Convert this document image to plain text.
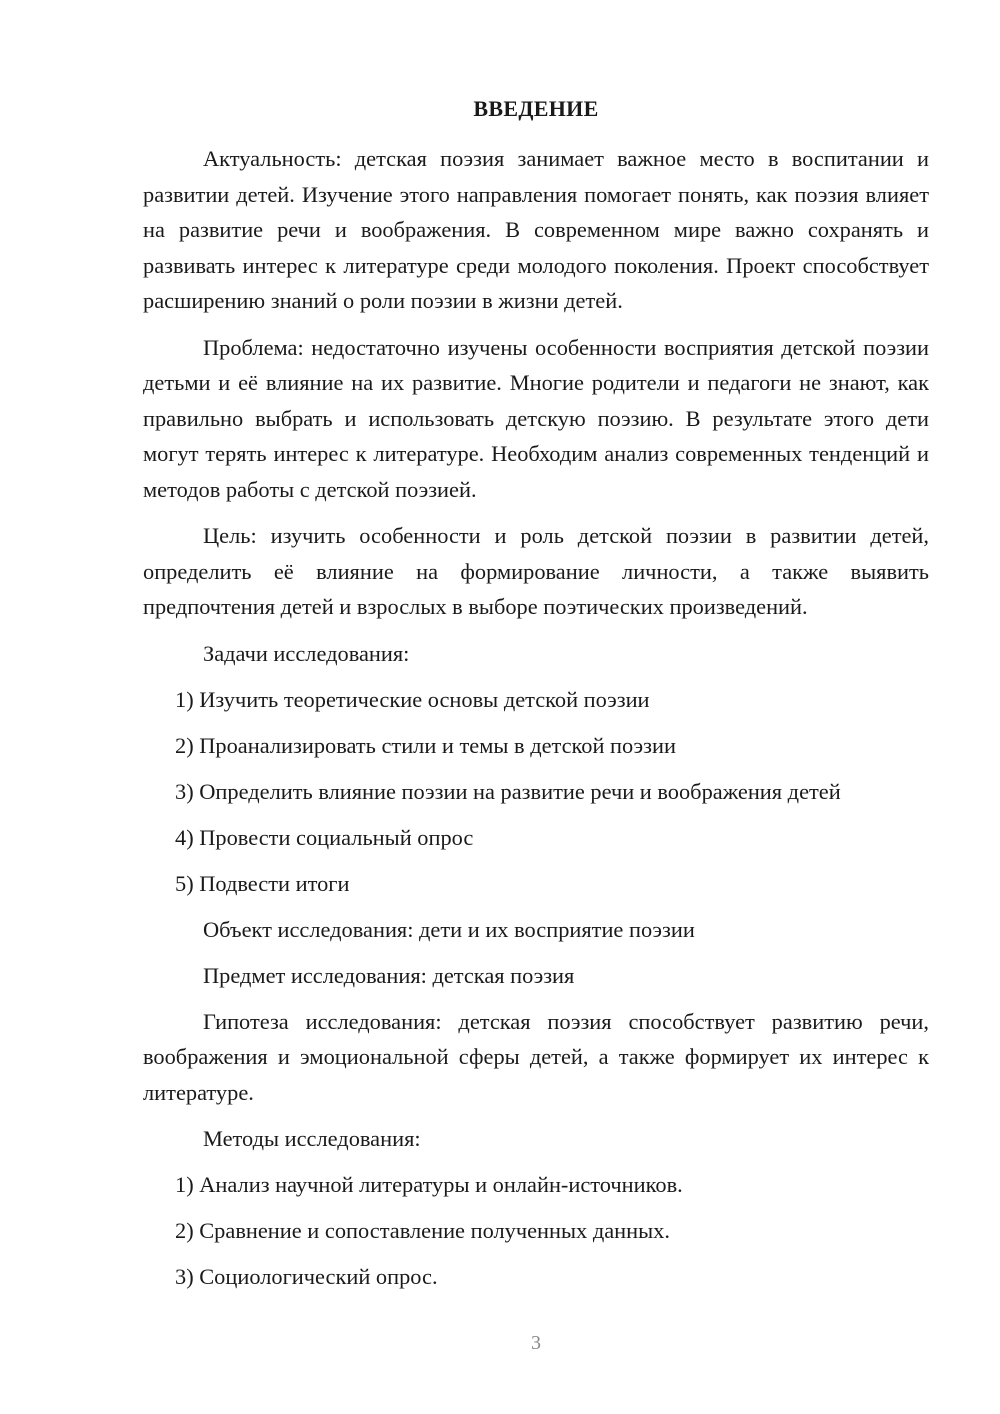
ВВЕДЕНИЕ

Актуальность: детская поэзия занимает важное место в воспитании и развитии детей. Изучение этого направления помогает понять, как поэзия влияет на развитие речи и воображения. В современном мире важно сохранять и развивать интерес к литературе среди молодого поколения. Проект способствует расширению знаний о роли поэзии в жизни детей.

Проблема: недостаточно изучены особенности восприятия детской поэзии детьми и её влияние на их развитие. Многие родители и педагоги не знают, как правильно выбрать и использовать детскую поэзию. В результате этого дети могут терять интерес к литературе. Необходим анализ современных тенденций и методов работы с детской поэзией.

Цель: изучить особенности и роль детской поэзии в развитии детей, определить её влияние на формирование личности, а также выявить предпочтения детей и взрослых в выборе поэтических произведений.

Задачи исследования:
1) Изучить теоретические основы детской поэзии
2) Проанализировать стили и темы в детской поэзии
3) Определить влияние поэзии на развитие речи и воображения детей
4) Провести социальный опрос
5) Подвести итоги
Объект исследования: дети и их восприятие поэзии
Предмет исследования: детская поэзия

Гипотеза исследования: детская поэзия способствует развитию речи, воображения и эмоциональной сферы детей, а также формирует их интерес к литературе.

Методы исследования:
1) Анализ научной литературы и онлайн-источников.
2) Сравнение и сопоставление полученных данных.
3) Социологический опрос.
3
